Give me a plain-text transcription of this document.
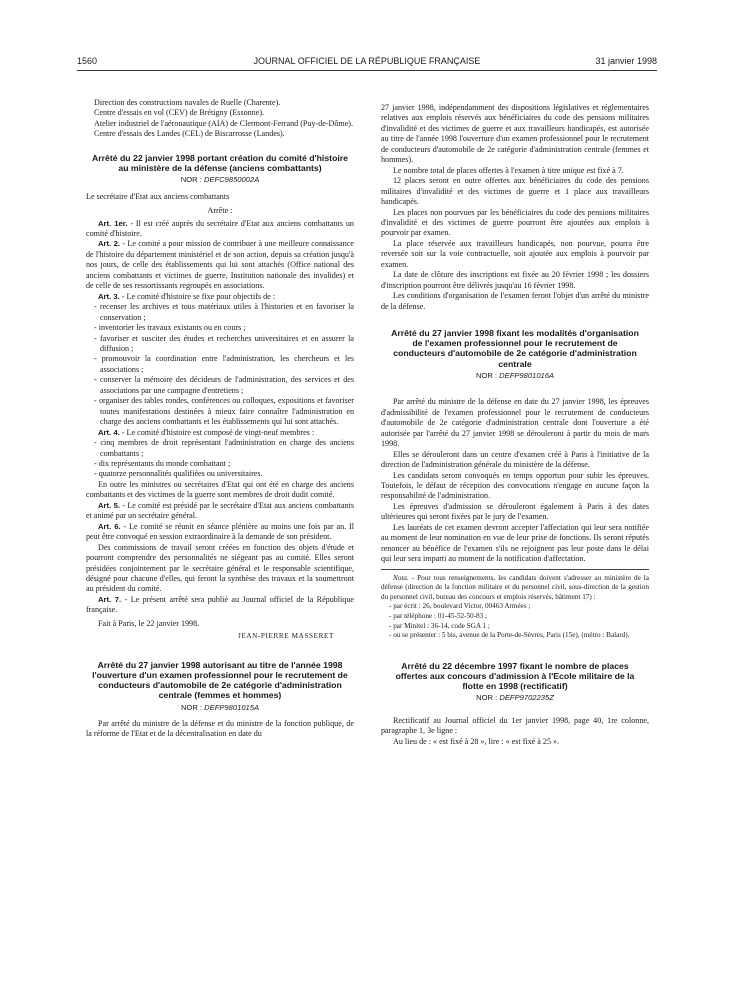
1560	JOURNAL OFFICIEL DE LA RÉPUBLIQUE FRANÇAISE	31 janvier 1998

Direction des constructions navales de Ruelle (Charente).

Centre d'essais en vol (CEV) de Brétigny (Essonne).

Atelier industriel de l'aéronautique (AIA) de Clermont-Ferrand (Puy-de-Dôme).

Centre d'essais des Landes (CEL) de Biscarrosse (Landes).

Arrêté du 22 janvier 1998 portant création du comité d'histoire au ministère de la défense (anciens combattants)

NOR : DEFC9850002A

Le secrétaire d'Etat aux anciens combattants

Arrête :

Art. 1er. - Il est créé auprès du secrétaire d'Etat aux anciens combattants un comité d'histoire.

Art. 2. - Le comité a pour mission de contribuer à une meilleure connaissance de l'histoire du département ministériel et de son action, depuis sa création jusqu'à nos jours, de celle des établissements qui lui sont attachés (Office national des anciens combattants et victimes de guerre, Institution nationale des invalides) et de celle de ses ressortissants regroupés en associations.

Art. 3. - Le comité d'histoire se fixe pour objectifs de :

- recenser les archives et tous matériaux utiles à l'historien et en favoriser la conservation ;

- inventorier les travaux existants ou en cours ;

- favoriser et susciter des études et recherches universitaires et en assurer la diffusion ;

- promouvoir la coordination entre l'administration, les chercheurs et les associations ;

- conserver la mémoire des décideurs de l'administration, des services et des associations par une campagne d'entretiens ;

- organiser des tables rondes, conférences ou colloques, expositions et favoriser toutes manifestations destinées à mieux faire connaître l'administration en charge des anciens combattants et les établissements qui lui sont attachés.

Art. 4. - Le comité d'histoire est composé de vingt-neuf membres :

- cinq membres de droit représentant l'administration en charge des anciens combattants ;

- dix représentants du monde combattant ;

- quatorze personnalités qualifiées ou universitaires.

En outre les ministres ou secrétaires d'Etat qui ont été en charge des anciens combattants et des victimes de la guerre sont membres de droit dudit comité.

Art. 5. - Le comité est présidé par le secrétaire d'Etat aux anciens combattants et animé par un secrétaire général.

Art. 6. - Le comité se réunit en séance plénière au moins une fois par an. Il peut être convoqué en session extraordinaire à la demande de son président.

Des commissions de travail seront créées en fonction des objets d'étude et pourront comprendre des personnalités ne siégeant pas au comité. Elles seront présidées conjointement par le secrétaire général et le responsable scientifique, désigné pour chacune d'elles, qui feront la synthèse des travaux et la soumettront au président du comité.

Art. 7. - Le présent arrêté sera publié au Journal officiel de la République française.

Fait à Paris, le 22 janvier 1998.

JEAN-PIERRE MASSERET

Arrêté du 27 janvier 1998 autorisant au titre de l'année 1998 l'ouverture d'un examen professionnel pour le recrutement de conducteurs d'automobile de 2e catégorie d'administration centrale (femmes et hommes)

NOR : DEFP9801015A

Par arrêté du ministre de la défense et du ministre de la fonction publique, de la réforme de l'Etat et de la décentralisation en date du

27 janvier 1998, indépendamment des dispositions législatives et réglementaires relatives aux emplois réservés aux bénéficiaires du code des pensions militaires d'invalidité et des victimes de guerre et aux travailleurs handicapés, est autorisée au titre de l'année 1998 l'ouverture d'un examen professionnel pour le recrutement de conducteurs d'automobile de 2e catégorie d'administration centrale (femmes et hommes).

Le nombre total de places offertes à l'examen à titre unique est fixé à 7.

12 places seront en outre offertes aux bénéficiaires du code des pensions militaires d'invalidité et des victimes de guerre et 1 place aux travailleurs handicapés.

Les places non pourvues par les bénéficiaires du code des pensions militaires d'invalidité et des victimes de guerre pourront être ajoutées aux emplois à pourvoir par examen.

La place réservée aux travailleurs handicapés, non pourvue, pourra être reversée soit sur la voie contractuelle, soit ajoutée aux emplois à pourvoir par examen.

La date de clôture des inscriptions est fixée au 20 février 1998 ; les dossiers d'inscription pourront être délivrés jusqu'au 16 février 1998.

Les conditions d'organisation de l'examen feront l'objet d'un arrêté du ministre de la défense.

Arrêté du 27 janvier 1998 fixant les modalités d'organisation de l'examen professionnel pour le recrutement de conducteurs d'automobile de 2e catégorie d'administration centrale

NOR : DEFP9801016A

Par arrêté du ministre de la défense en date du 27 janvier 1998, les épreuves d'admissibilité de l'examen professionnel pour le recrutement de conducteurs d'automobile de 2e catégorie d'administration centrale dont l'ouverture a été autorisée par l'arrêté du 27 janvier 1998 se dérouleront à partir du mois de mars 1998.

Elles se dérouleront dans un centre d'examen créé à Paris à l'initiative de la direction de l'administration générale du ministère de la défense.

Les candidats seront convoqués en temps opportun pour subir les épreuves. Toutefois, le défaut de réception des convocations n'engage en aucune façon la responsabilité de l'administration.

Les épreuves d'admission se dérouleront également à Paris à des dates ultérieures qui seront fixées par le jury de l'examen.

Les lauréats de cet examen devront accepter l'affectation qui leur sera notifiée au moment de leur nomination en vue de leur prise de fonctions. Ils seront réputés renoncer au bénéfice de l'examen s'ils ne rejoignent pas leur poste dans le délai qui leur sera imparti au moment de la notification d'affectation.

Nota. - Pour tous renseignements, les candidats doivent s'adresser au ministère de la défense (direction de la fonction militaire et du personnel civil, sous-direction de la gestion du personnel civil, bureau des concours et emplois réservés, bâtiment 17) :

- par écrit : 26, boulevard Victor, 00463 Armées ;

- par téléphone : 01-45-52-50-83 ;

- par Minitel : 36-14, code SGA 1 ;

- ou se présenter : 5 bis, avenue de la Porte-de-Sèvres, Paris (15e), (métro : Balard).

Arrêté du 22 décembre 1997 fixant le nombre de places offertes aux concours d'admission à l'Ecole militaire de la flotte en 1998 (rectificatif)

NOR : DEFP9702235Z

Rectificatif au Journal officiel du 1er janvier 1998, page 40, 1re colonne, paragraphe 1, 3e ligne :

Au lieu de : « est fixé à 28 », lire : « est fixé à 25 ».
